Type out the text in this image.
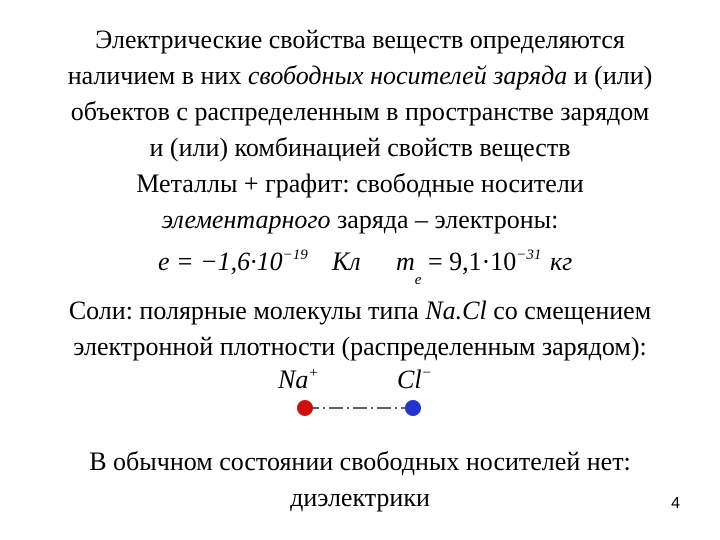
Электрические свойства веществ определяются
наличием в них свободных носителей заряда и (или)
объектов с распределенным в пространстве зарядом
и (или) комбинацией свойств веществ
Металлы + графит: свободные носители
элементарного заряда – электроны:
$e = -1,6\cdot 10^{-19}$ Кл $m_e = 9,1\cdot 10^{-31}$ кг
Соли: полярные молекулы типа Na.Cl со смещением
электронной плотности (распределенным зарядом):
Na+	Cl−
В обычном состоянии свободных носителей нет:
диэлектрики	4
